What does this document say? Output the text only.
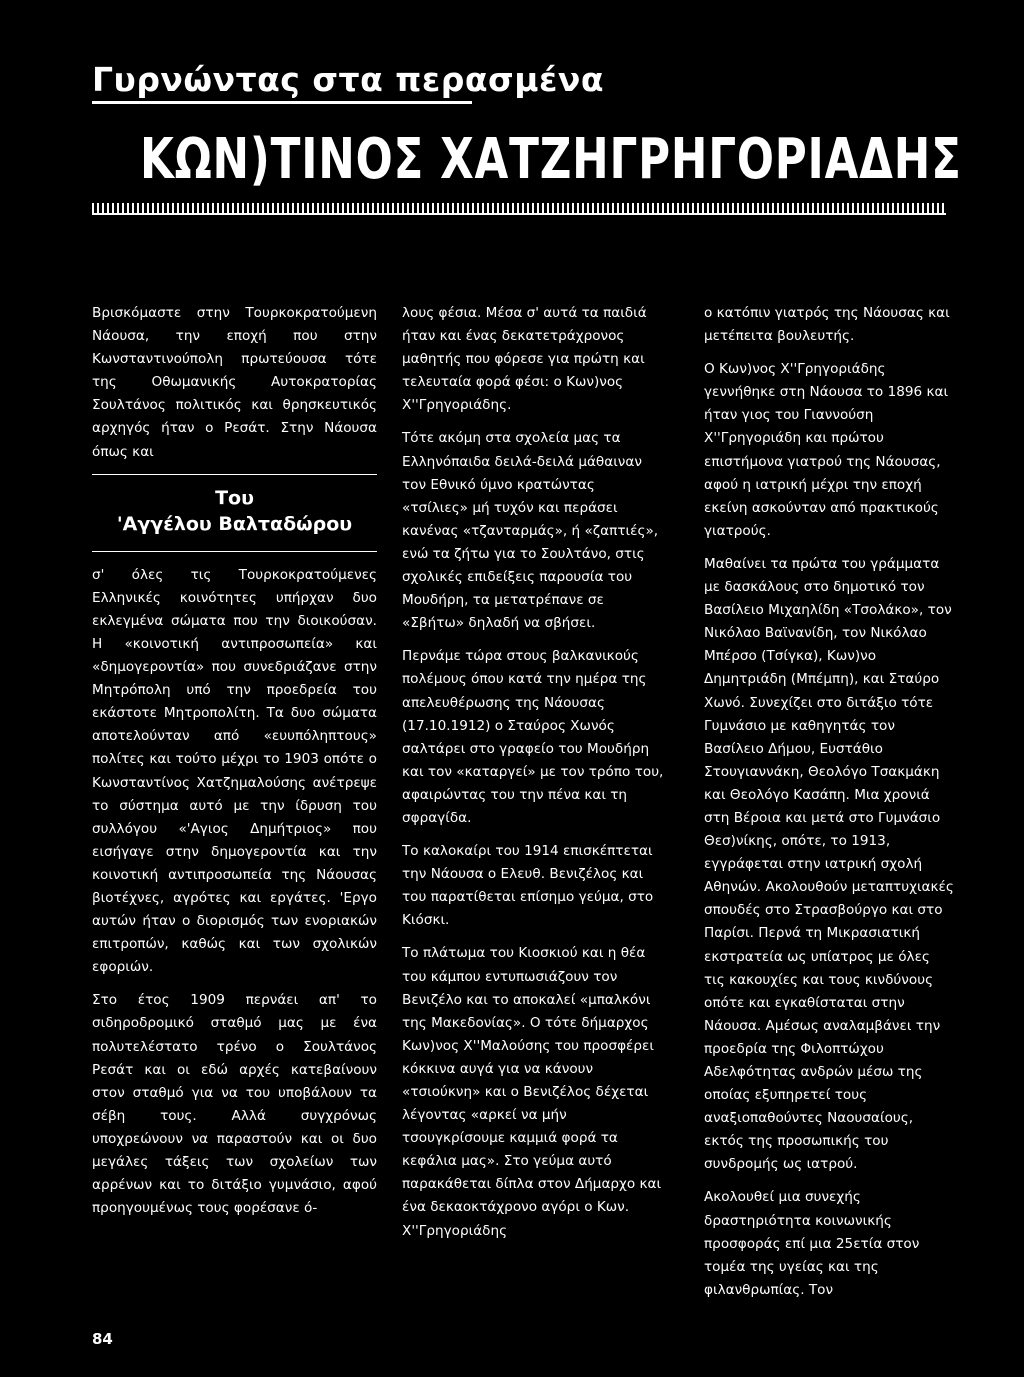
Γυρνώντας στα περασμένα
ΚΩΝ)ΤΙΝΟΣ ΧΑΤΖΗΓΡΗΓΟΡΙΑΔΗΣ

Βρισκόμαστε στην Τουρκοκρατούμενη Νάουσα, την εποχή που στην Κωνσταντινούπολη πρωτεύουσα τότε της Οθωμανικής Αυτοκρατορίας Σουλτάνος πολιτικός και θρησκευτικός αρχηγός ήταν ο Ρεσάτ. Στην Νάουσα όπως και

Του
'Αγγέλου Βαλταδώρου

σ' όλες τις Τουρκοκρατούμενες Ελληνικές κοινότητες υπήρχαν δυο εκλεγμένα σώματα που την διοικούσαν. Η «κοινοτική αντιπροσωπεία» και «δημογεροντία» που συνεδριάζανε στην Μητρόπολη υπό την προεδρεία του εκάστοτε Μητροπολίτη. Τα δυο σώματα αποτελούνταν από «ευυπόληπτους» πολίτες και τούτο μέχρι το 1903 οπότε ο Κωνσταντίνος Χατζημαλούσης ανέτρεψε το σύστημα αυτό με την ίδρυση του συλλόγου «'Αγιος Δημήτριος» που εισήγαγε στην δημογεροντία και την κοινοτική αντιπροσωπεία της Νάουσας βιοτέχνες, αγρότες και εργάτες. 'Εργο αυτών ήταν ο διορισμός των ενοριακών επιτροπών, καθώς και των σχολικών εφοριών.

Στο έτος 1909 περνάει απ' το σιδηροδρομικό σταθμό μας με ένα πολυτελέστατο τρένο ο Σουλτάνος Ρεσάτ και οι εδώ αρχές κατεβαίνουν στον σταθμό για να του υποβάλουν τα σέβη τους. Αλλά συγχρόνως υποχρεώνουν να παραστούν και οι δυο μεγάλες τάξεις των σχολείων των αρρένων και το διτάξιο γυμνάσιο, αφού προηγουμένως τους φορέσανε ό-

λους φέσια. Μέσα σ' αυτά τα παιδιά ήταν και ένας δεκατετράχρονος μαθητής που φόρεσε για πρώτη και τελευταία φορά φέσι: ο Κων)νος Χ''Γρηγοριάδης.

Τότε ακόμη στα σχολεία μας τα Ελληνόπαιδα δειλά-δειλά μάθαιναν τον Εθνικό ύμνο κρατώντας «τσίλιες» μή τυχόν και περάσει κανένας «τζανταρμάς», ή «ζαπτιές», ενώ τα ζήτω για το Σουλτάνο, στις σχολικές επιδείξεις παρουσία του Μουδήρη, τα μετατρέπανε σε «Σβήτω» δηλαδή να σβήσει.

Περνάμε τώρα στους βαλκανικούς πολέμους όπου κατά την ημέρα της απελευθέρωσης της Νάουσας (17.10.1912) ο Σταύρος Χωνός σαλτάρει στο γραφείο του Μουδήρη και τον «καταργεί» με τον τρόπο του, αφαιρώντας του την πένα και τη σφραγίδα.

Το καλοκαίρι του 1914 επισκέπτεται την Νάουσα ο Ελευθ. Βενιζέλος και του παρατίθεται επίσημο γεύμα, στο Κιόσκι.

Το πλάτωμα του Κιοσκιού και η θέα του κάμπου εντυπωσιάζουν τον Βενιζέλο και το αποκαλεί «μπαλκόνι της Μακεδονίας». Ο τότε δήμαρχος Κων)νος Χ''Μαλούσης του προσφέρει κόκκινα αυγά για να κάνουν «τσιούκνη» και ο Βενιζέλος δέχεται λέγοντας «αρκεί να μήν τσουγκρίσουμε καμμιά φορά τα κεφάλια μας». Στο γεύμα αυτό παρακάθεται δίπλα στον Δήμαρχο και ένα δεκαοκτάχρονο αγόρι ο Κων. Χ''Γρηγοριάδης

ο κατόπιν γιατρός της Νάουσας και μετέπειτα βουλευτής.

Ο Κων)νος Χ''Γρηγοριάδης γεννήθηκε στη Νάουσα το 1896 και ήταν γιος του Γιαννούση Χ''Γρηγοριάδη και πρώτου επιστήμονα γιατρού της Νάουσας, αφού η ιατρική μέχρι την εποχή εκείνη ασκούνταν από πρακτικούς γιατρούς.

Μαθαίνει τα πρώτα του γράμματα με δασκάλους στο δημοτικό τον Βασίλειο Μιχαηλίδη «Τσολάκο», τον Νικόλαο Βαϊνανίδη, τον Νικόλαο Μπέρσο (Τσίγκα), Κων)νο Δημητριάδη (Μπέμπη), και Σταύρο Χωνό. Συνεχίζει στο διτάξιο τότε Γυμνάσιο με καθηγητάς τον Βασίλειο Δήμου, Ευστάθιο Στουγιαννάκη, Θεολόγο Τσακμάκη και Θεολόγο Κασάπη. Μια χρονιά στη Βέροια και μετά στο Γυμνάσιο Θεσ)νίκης, οπότε, το 1913, εγγράφεται στην ιατρική σχολή Αθηνών. Ακολουθούν μεταπτυχιακές σπουδές στο Στρασβούργο και στο Παρίσι. Περνά τη Μικρασιατική εκστρατεία ως υπίατρος με όλες τις κακουχίες και τους κινδύνους οπότε και εγκαθίσταται στην Νάουσα. Αμέσως αναλαμβάνει την προεδρία της Φιλοπτώχου Αδελφότητας ανδρών μέσω της οποίας εξυπηρετεί τους αναξιοπαθούντες Ναουσαίους, εκτός της προσωπικής του συνδρομής ως ιατρού.

Ακολουθεί μια συνεχής δραστηριότητα κοινωνικής προσφοράς επί μια 25ετία στον τομέα της υγείας και της φιλανθρωπίας. Τον

84
